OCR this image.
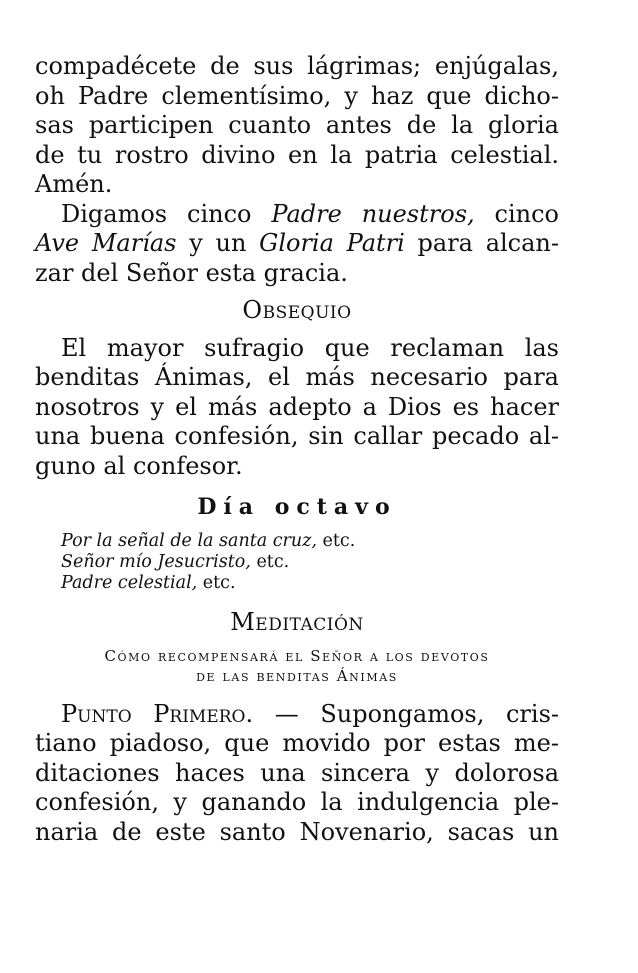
compadécete de sus lágrimas; enjúgalas,
oh Padre clementísimo, y haz que dicho-
sas participen cuanto antes de la gloria
de tu rostro divino en la patria celestial.
Amén.

Digamos cinco Padre nuestros, cinco
Ave Marías y un Gloria Patri para alcan-
zar del Señor esta gracia.

Obsequio

El mayor sufragio que reclaman las
benditas Ánimas, el más necesario para
nosotros y el más adepto a Dios es hacer
una buena confesión, sin callar pecado al-
guno al confesor.

Día octavo
Por la señal de la santa cruz, etc.
Señor mío Jesucristo, etc.
Padre celestial, etc.
Meditación
Cómo recompensará el Señor a los devotos
de las benditas Ánimas

Punto Primero. — Supongamos, cris-
tiano piadoso, que movido por estas me-
ditaciones haces una sincera y dolorosa
confesión, y ganando la indulgencia ple-
naria de este santo Novenario, sacas un
